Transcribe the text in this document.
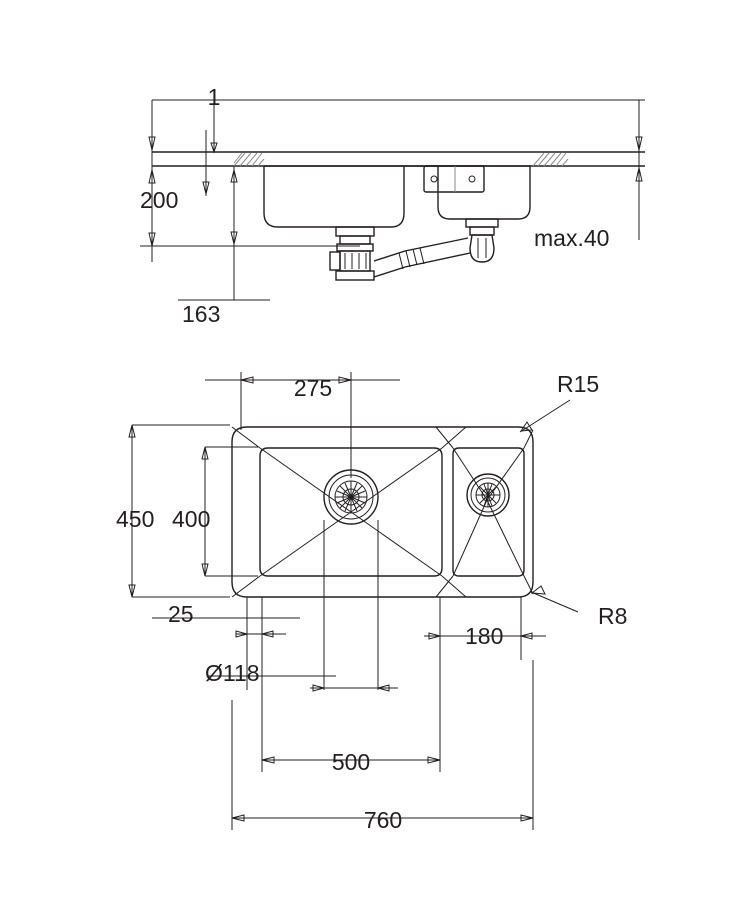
1
200
163
max.40
275	R15
R8
450 400
25
Ø118
180
500
760
